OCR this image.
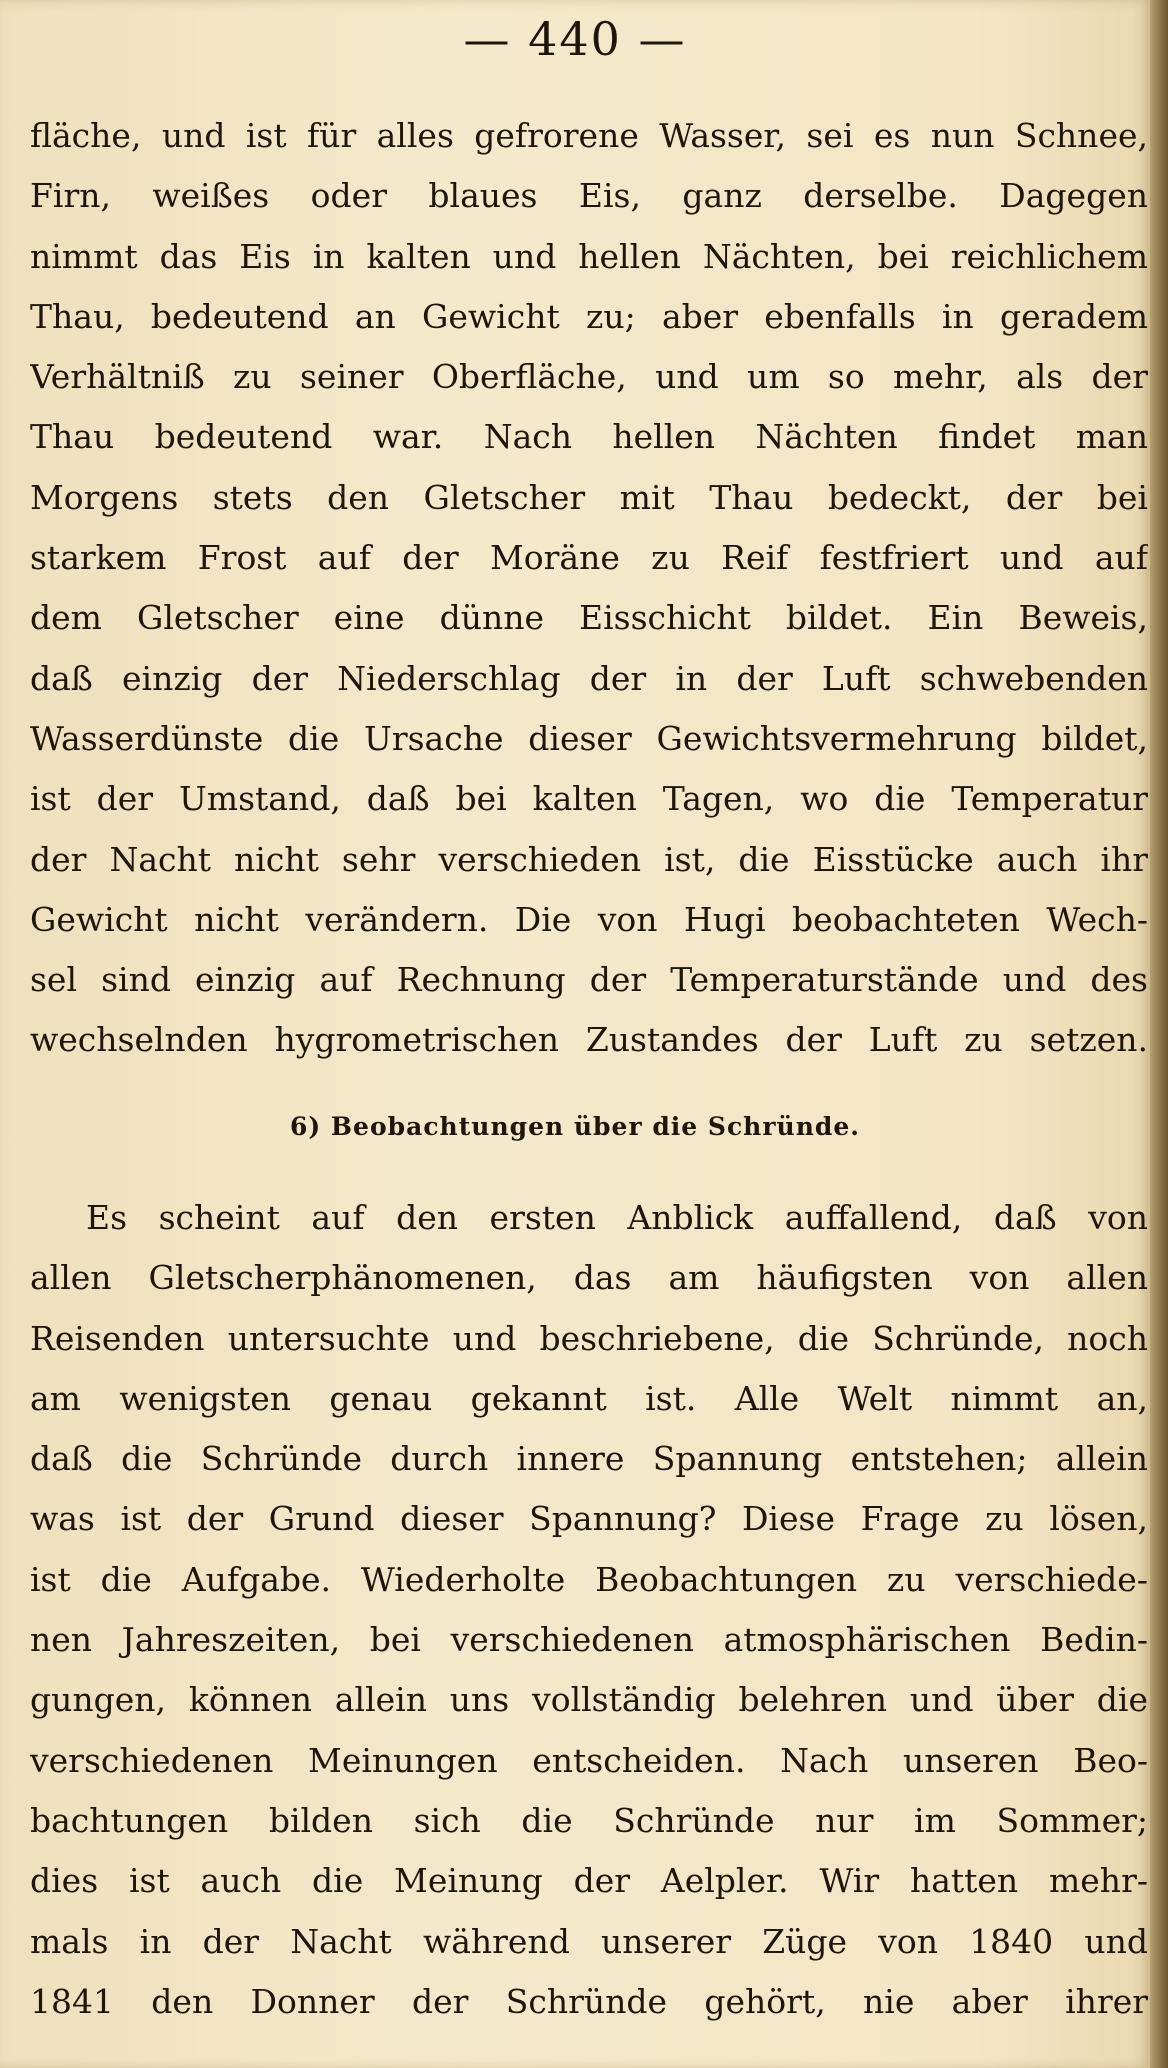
— 440 —
fläche, und ist für alles gefrorene Wasser, sei es nun Schnee,
Firn, weißes oder blaues Eis, ganz derselbe. Dagegen
nimmt das Eis in kalten und hellen Nächten, bei reichlichem
Thau, bedeutend an Gewicht zu; aber ebenfalls in geradem
Verhältniß zu seiner Oberfläche, und um so mehr, als der
Thau bedeutend war. Nach hellen Nächten findet man
Morgens stets den Gletscher mit Thau bedeckt, der bei
starkem Frost auf der Moräne zu Reif festfriert und auf
dem Gletscher eine dünne Eisschicht bildet. Ein Beweis,
daß einzig der Niederschlag der in der Luft schwebenden
Wasserdünste die Ursache dieser Gewichtsvermehrung bildet,
ist der Umstand, daß bei kalten Tagen, wo die Temperatur
der Nacht nicht sehr verschieden ist, die Eisstücke auch ihr
Gewicht nicht verändern. Die von Hugi beobachteten Wech-
sel sind einzig auf Rechnung der Temperaturstände und des
wechselnden hygrometrischen Zustandes der Luft zu setzen.
6) Beobachtungen über die Schründe.
Es scheint auf den ersten Anblick auffallend, daß von
allen Gletscherphänomenen, das am häufigsten von allen
Reisenden untersuchte und beschriebene, die Schründe, noch
am wenigsten genau gekannt ist. Alle Welt nimmt an,
daß die Schründe durch innere Spannung entstehen; allein
was ist der Grund dieser Spannung? Diese Frage zu lösen,
ist die Aufgabe. Wiederholte Beobachtungen zu verschiede-
nen Jahreszeiten, bei verschiedenen atmosphärischen Bedin-
gungen, können allein uns vollständig belehren und über die
verschiedenen Meinungen entscheiden. Nach unseren Beo-
bachtungen bilden sich die Schründe nur im Sommer;
dies ist auch die Meinung der Aelpler. Wir hatten mehr-
mals in der Nacht während unserer Züge von 1840 und
1841 den Donner der Schründe gehört, nie aber ihrer
